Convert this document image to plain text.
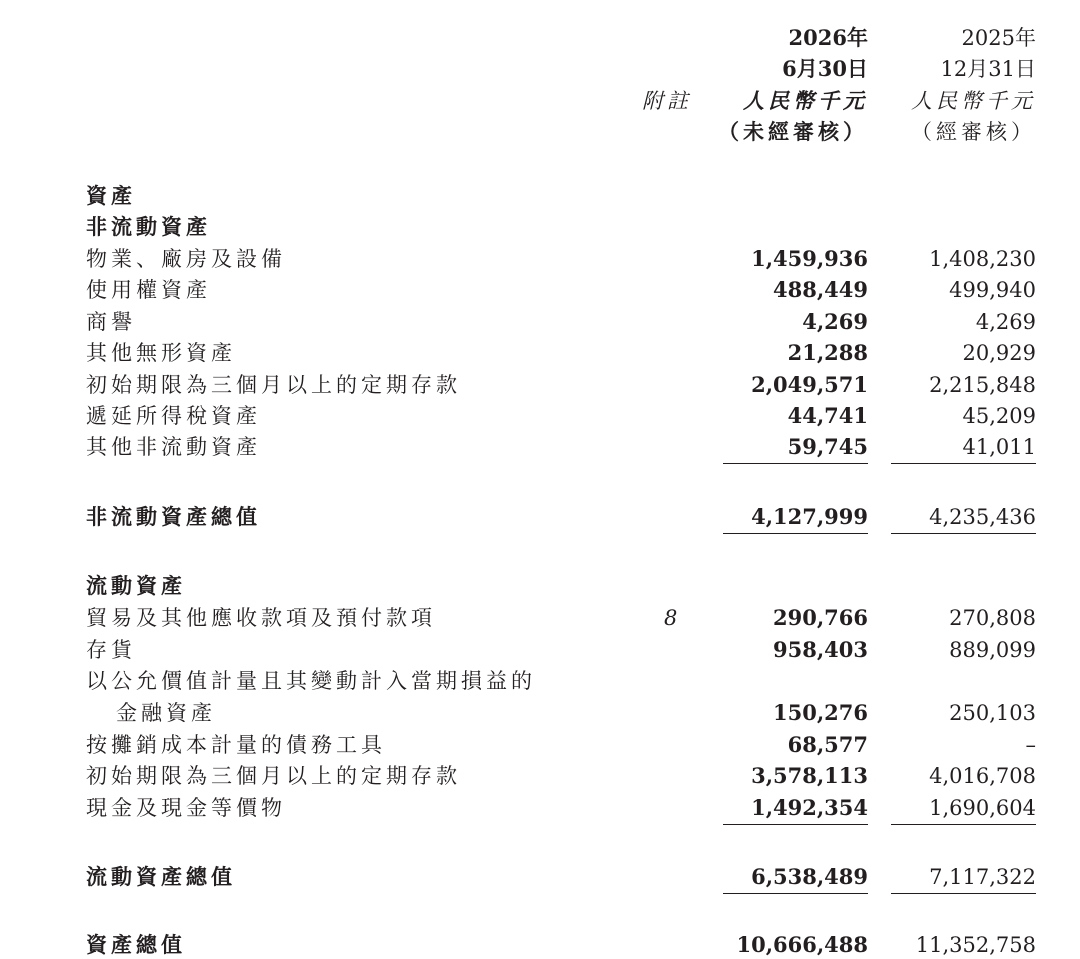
2026年	2025年
6月30日	12月31日
附註 人民幣千元 人民幣千元
（未經審核） （經審核）
資產
非流動資產
物業、廠房及設備	1,459,936	1,408,230
使用權資產	488,449	499,940
商譽	4,269	4,269
其他無形資產	21,288	20,929
初始期限為三個月以上的定期存款	2,049,571	2,215,848
遞延所得稅資產	44,741	45,209
其他非流動資產	59,745	41,011
非流動資產總值	4,127,999	4,235,436
流動資產
貿易及其他應收款項及預付款項	8	290,766	270,808
存貨	958,403	889,099
以公允價值計量且其變動計入當期損益的
金融資產	150,276	250,103
按攤銷成本計量的債務工具	68,577	–
初始期限為三個月以上的定期存款	3,578,113	4,016,708
現金及現金等價物	1,492,354	1,690,604
流動資產總值	6,538,489	7,117,322
資產總值	10,666,488 11,352,758
